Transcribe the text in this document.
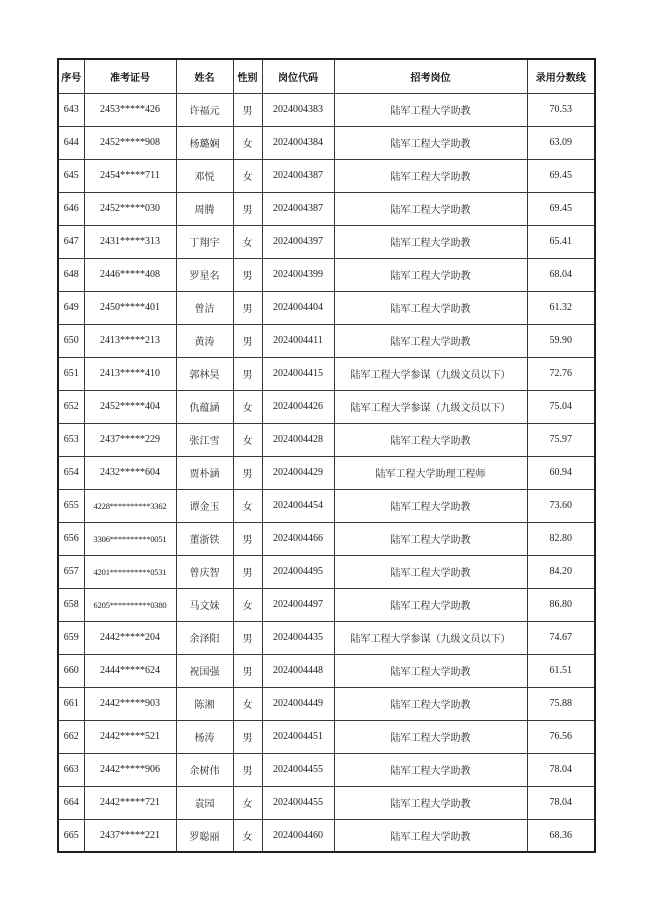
序号	准考证号	姓名	性别	岗位代码	招考岗位	录用分数线
643	2453*****426	许福元	男	2024004383	陆军工程大学助教	70.53
644	2452*****908	杨璐娴	女	2024004384	陆军工程大学助教	63.09
645	2454*****711	邓悦	女	2024004387	陆军工程大学助教	69.45
646	2452*****030	周腾	男	2024004387	陆军工程大学助教	69.45
647	2431*****313	丁翔宇	女	2024004397	陆军工程大学助教	65.41
648	2446*****408	罗星名	男	2024004399	陆军工程大学助教	68.04
649	2450*****401	曾洁	男	2024004404	陆军工程大学助教	61.32
650	2413*****213	黄涛	男	2024004411	陆军工程大学助教	59.90
651	2413*****410	郭林昊	男	2024004415	陆军工程大学参谋（九级文员以下）	72.76
652	2452*****404	仇蕴涵	女	2024004426	陆军工程大学参谋（九级文员以下）	75.04
653	2437*****229	张江雪	女	2024004428	陆军工程大学助教	75.97
654	2432*****604	贾朴涵	男	2024004429	陆军工程大学助理工程师	60.94
655	4228**********3362	谭金玉	女	2024004454	陆军工程大学助教	73.60
656	3306**********0051	董浙铁	男	2024004466	陆军工程大学助教	82.80
657	4201**********0531	曾庆智	男	2024004495	陆军工程大学助教	84.20
658	6205**********0380	马文妹	女	2024004497	陆军工程大学助教	86.80
659	2442*****204	余泽阳	男	2024004435	陆军工程大学参谋（九级文员以下）	74.67
660	2444*****624	祝国强	男	2024004448	陆军工程大学助教	61.51
661	2442*****903	陈湘	女	2024004449	陆军工程大学助教	75.88
662	2442*****521	杨涛	男	2024004451	陆军工程大学助教	76.56
663	2442*****906	余树伟	男	2024004455	陆军工程大学助教	78.04
664	2442*****721	袁园	女	2024004455	陆军工程大学助教	78.04
665	2437*****221	罗聪丽	女	2024004460	陆军工程大学助教	68.36
